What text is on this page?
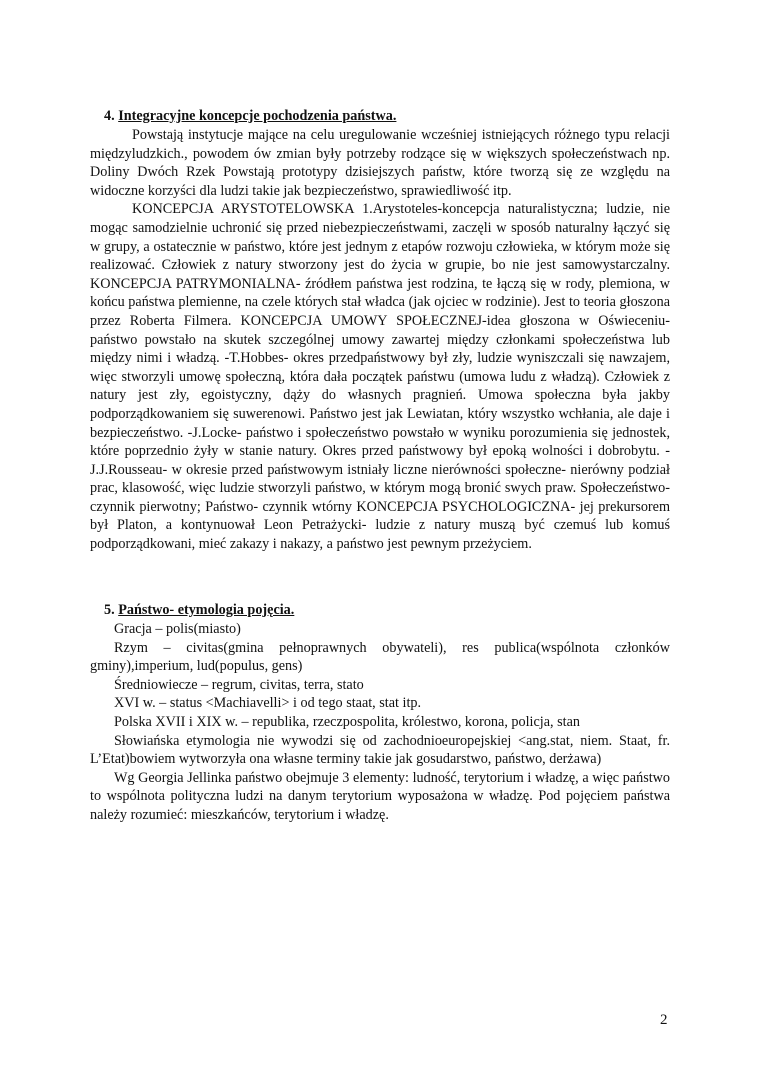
4. Integracyjne koncepcje pochodzenia państwa.

Powstają instytucje mające na celu uregulowanie wcześniej istniejących różnego typu relacji międzyludzkich., powodem ów zmian były potrzeby rodzące się w większych społeczeństwach np. Doliny Dwóch Rzek Powstają prototypy dzisiejszych państw, które tworzą się ze względu na widoczne korzyści dla ludzi takie jak bezpieczeństwo, sprawiedliwość itp.

KONCEPCJA ARYSTOTELOWSKA 1.Arystoteles-koncepcja naturalistyczna; ludzie, nie mogąc samodzielnie uchronić się przed niebezpieczeństwami, zaczęli w sposób naturalny łączyć się w grupy, a ostatecznie w państwo, które jest jednym z etapów rozwoju człowieka, w którym może się realizować. Człowiek z natury stworzony jest do życia w grupie, bo nie jest samowystarczalny. KONCEPCJA PATRYMONIALNA- źródłem państwa jest rodzina, te łączą się w rody, plemiona, w końcu państwa plemienne, na czele których stał władca (jak ojciec w rodzinie). Jest to teoria głoszona przez Roberta Filmera. KONCEPCJA UMOWY SPOŁECZNEJ-idea głoszona w Oświeceniu- państwo powstało na skutek szczególnej umowy zawartej między członkami społeczeństwa lub między nimi i władzą. -T.Hobbes- okres przedpaństwowy był zły, ludzie wyniszczali się nawzajem, więc stworzyli umowę społeczną, która dała początek państwu (umowa ludu z władzą). Człowiek z natury jest zły, egoistyczny, dąży do własnych pragnień. Umowa społeczna była jakby podporządkowaniem się suwerenowi. Państwo jest jak Lewiatan, który wszystko wchłania, ale daje i bezpieczeństwo. -J.Locke- państwo i społeczeństwo powstało w wyniku porozumienia się jednostek, które poprzednio żyły w stanie natury. Okres przed państwowy był epoką wolności i dobrobytu. -J.J.Rousseau- w okresie przed państwowym istniały liczne nierówności społeczne- nierówny podział prac, klasowość, więc ludzie stworzyli państwo, w którym mogą bronić swych praw. Społeczeństwo- czynnik pierwotny; Państwo- czynnik wtórny KONCEPCJA PSYCHOLOGICZNA- jej prekursorem był Platon, a kontynuował Leon Petrażycki- ludzie z natury muszą być czemuś lub komuś podporządkowani, mieć zakazy i nakazy, a państwo jest pewnym przeżyciem.

5. Państwo- etymologia pojęcia.

Gracja – polis(miasto)

Rzym – civitas(gmina pełnoprawnych obywateli), res publica(wspólnota członków gminy),imperium, lud(populus, gens)

Średniowiecze – regrum, civitas, terra, stato

XVI w. – status <Machiavelli> i od tego staat, stat itp.

Polska XVII i XIX w. – republika, rzeczpospolita, królestwo, korona, policja, stan

Słowiańska etymologia nie wywodzi się od zachodnioeuropejskiej <ang.stat, niem. Staat, fr. L’Etat)bowiem wytworzyła ona własne terminy takie jak gosudarstwo, państwo, derżawa)

Wg Georgia Jellinka państwo obejmuje 3 elementy: ludność, terytorium i władzę, a więc państwo to wspólnota polityczna ludzi na danym terytorium wyposażona w władzę. Pod pojęciem państwa należy rozumieć: mieszkańców, terytorium i władzę.

2
